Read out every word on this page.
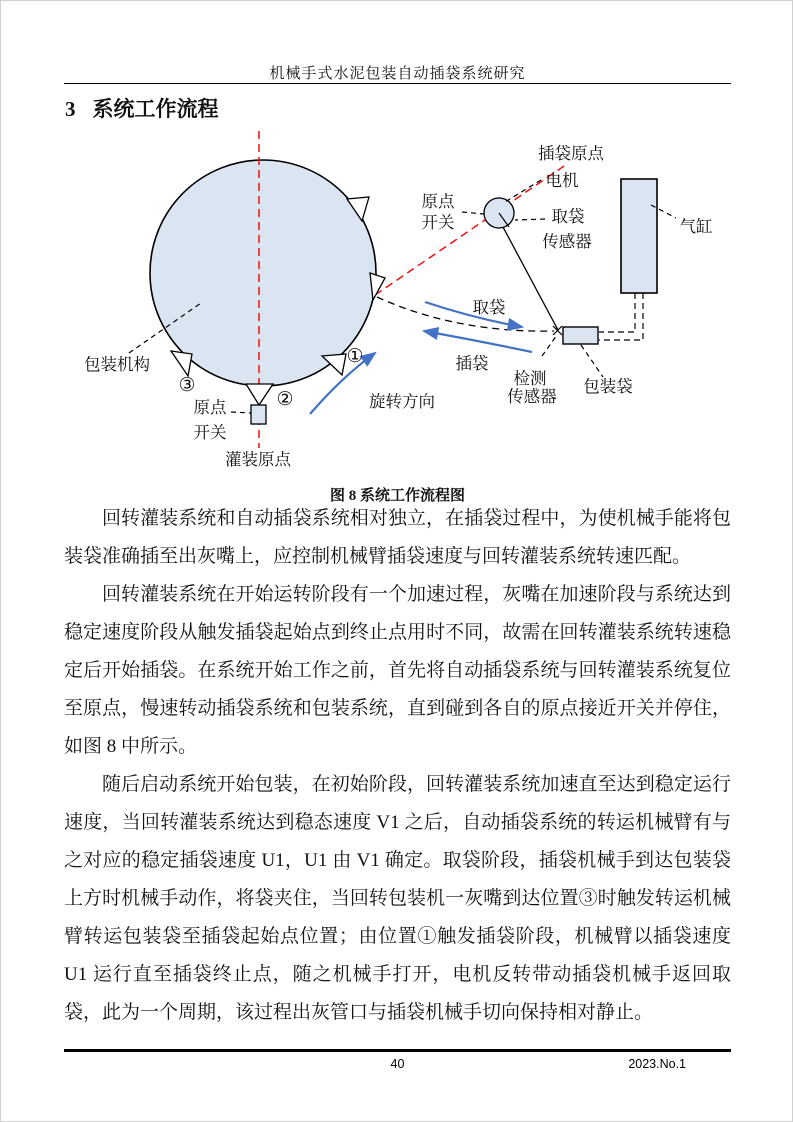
机械手式水泥包装自动插袋系统研究
3 系统工作流程
插袋原点
电机
原点
开关	取袋
传感器
气缸
取袋
插袋
旋转方向
检测
传感器
包装袋
包装机构
原点
开关
灌装原点
①
②
③
图 8 系统工作流程图

回转灌装系统和自动插袋系统相对独立，在插袋过程中，为使机械手能将包装袋准确插至出灰嘴上，应控制机械臂插袋速度与回转灌装系统转速匹配。

回转灌装系统在开始运转阶段有一个加速过程，灰嘴在加速阶段与系统达到稳定速度阶段从触发插袋起始点到终止点用时不同，故需在回转灌装系统转速稳定后开始插袋。在系统开始工作之前，首先将自动插袋系统与回转灌装系统复位至原点，慢速转动插袋系统和包装系统，直到碰到各自的原点接近开关并停住，如图 8 中所示。

随后启动系统开始包装，在初始阶段，回转灌装系统加速直至达到稳定运行速度，当回转灌装系统达到稳态速度 V1 之后，自动插袋系统的转运机械臂有与之对应的稳定插袋速度 U1，U1 由 V1 确定。取袋阶段，插袋机械手到达包装袋上方时机械手动作，将袋夹住，当回转包装机一灰嘴到达位置③时触发转运机械臂转运包装袋至插袋起始点位置；由位置①触发插袋阶段，机械臂以插袋速度 U1 运行直至插袋终止点，随之机械手打开，电机反转带动插袋机械手返回取袋，此为一个周期，该过程出灰管口与插袋机械手切向保持相对静止。

40	2023.No.1
